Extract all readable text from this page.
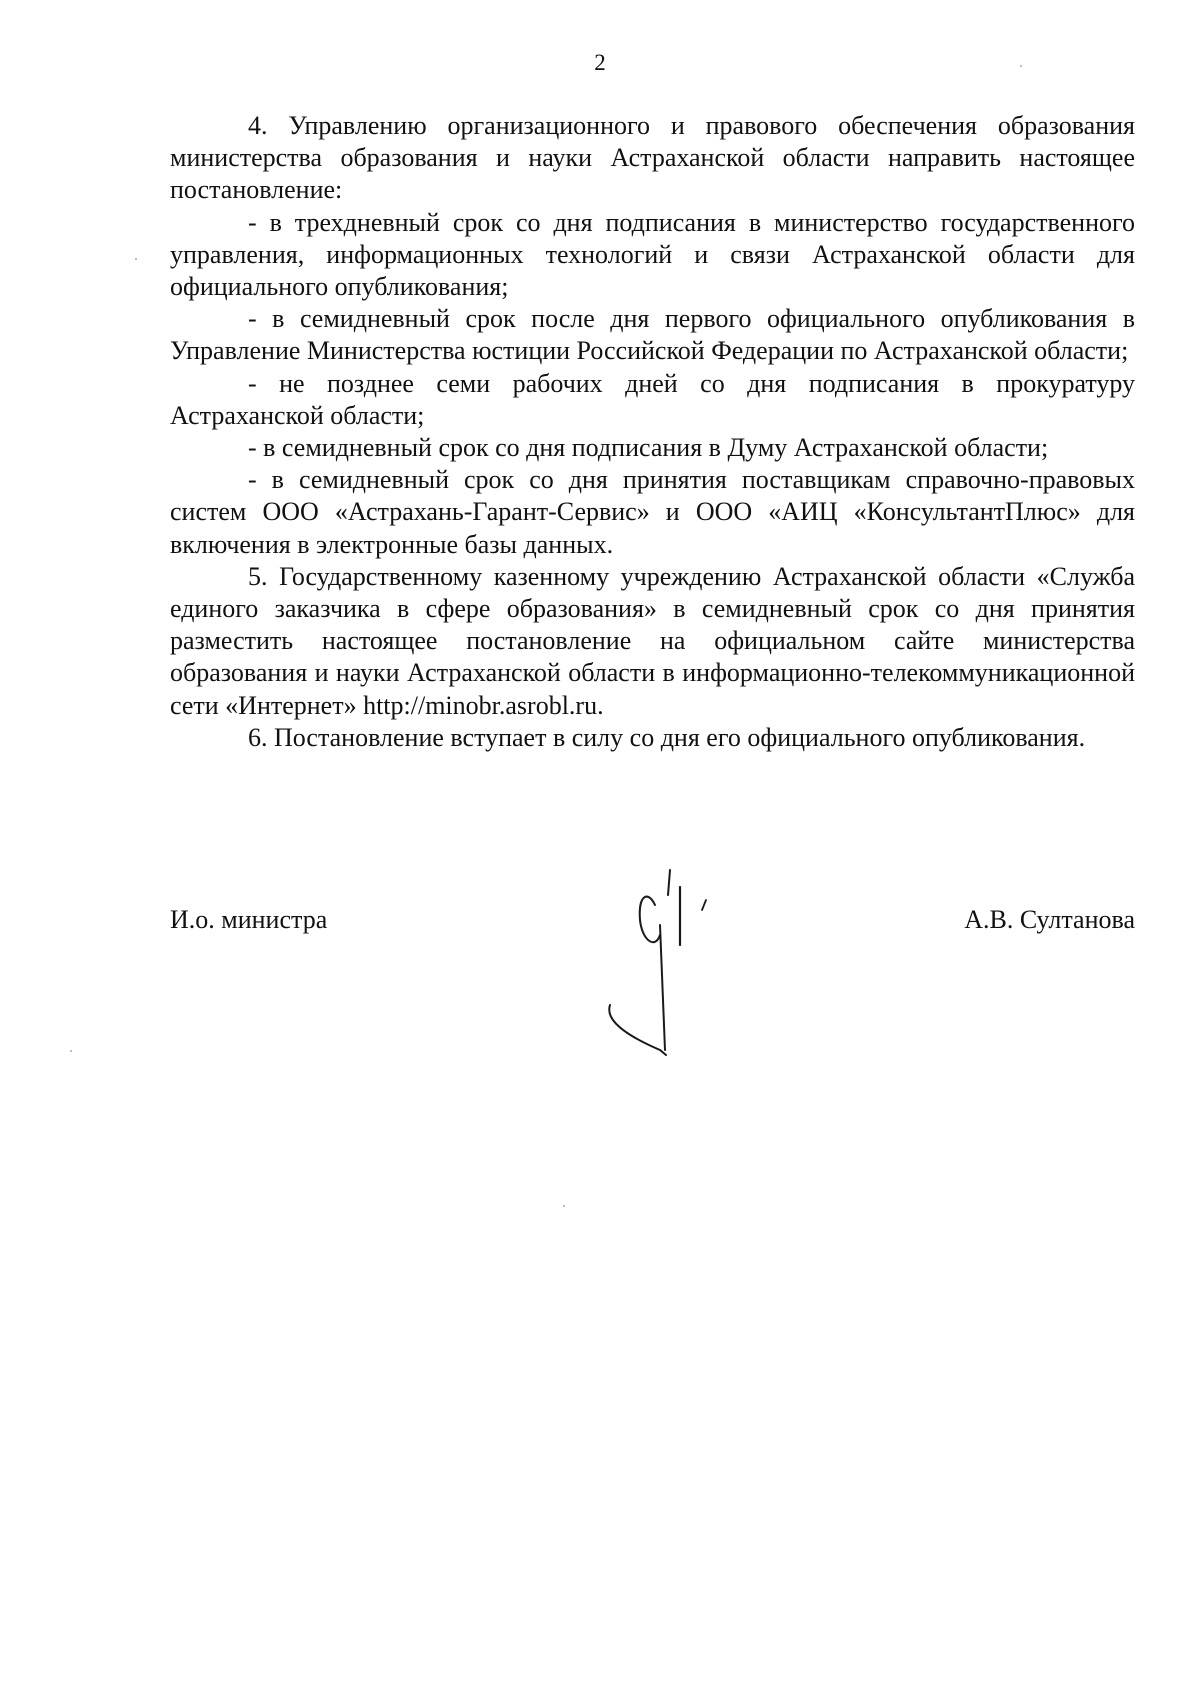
2

4. Управлению организационного и правового обеспечения образования министерства образования и науки Астраханской области направить настоящее постановление:

- в трехдневный срок со дня подписания в министерство государственного управления, информационных технологий и связи Астраханской области для официального опубликования;

- в семидневный срок после дня первого официального опубликования в Управление Министерства юстиции Российской Федерации по Астраханской области;

- не позднее семи рабочих дней со дня подписания в прокуратуру Астраханской области;

- в семидневный срок со дня подписания в Думу Астраханской области;

- в семидневный срок со дня принятия поставщикам справочно-правовых систем ООО «Астрахань-Гарант-Сервис» и ООО «АИЦ «КонсультантПлюс» для включения в электронные базы данных.

5. Государственному казенному учреждению Астраханской области «Служба единого заказчика в сфере образования» в семидневный срок со дня принятия разместить настоящее постановление на официальном сайте министерства образования и науки Астраханской области в информационно-телекоммуникационной сети «Интернет» http://minobr.asrobl.ru.

6. Постановление вступает в силу со дня его официального опубликования.

И.о. министра	А.В. Султанова
